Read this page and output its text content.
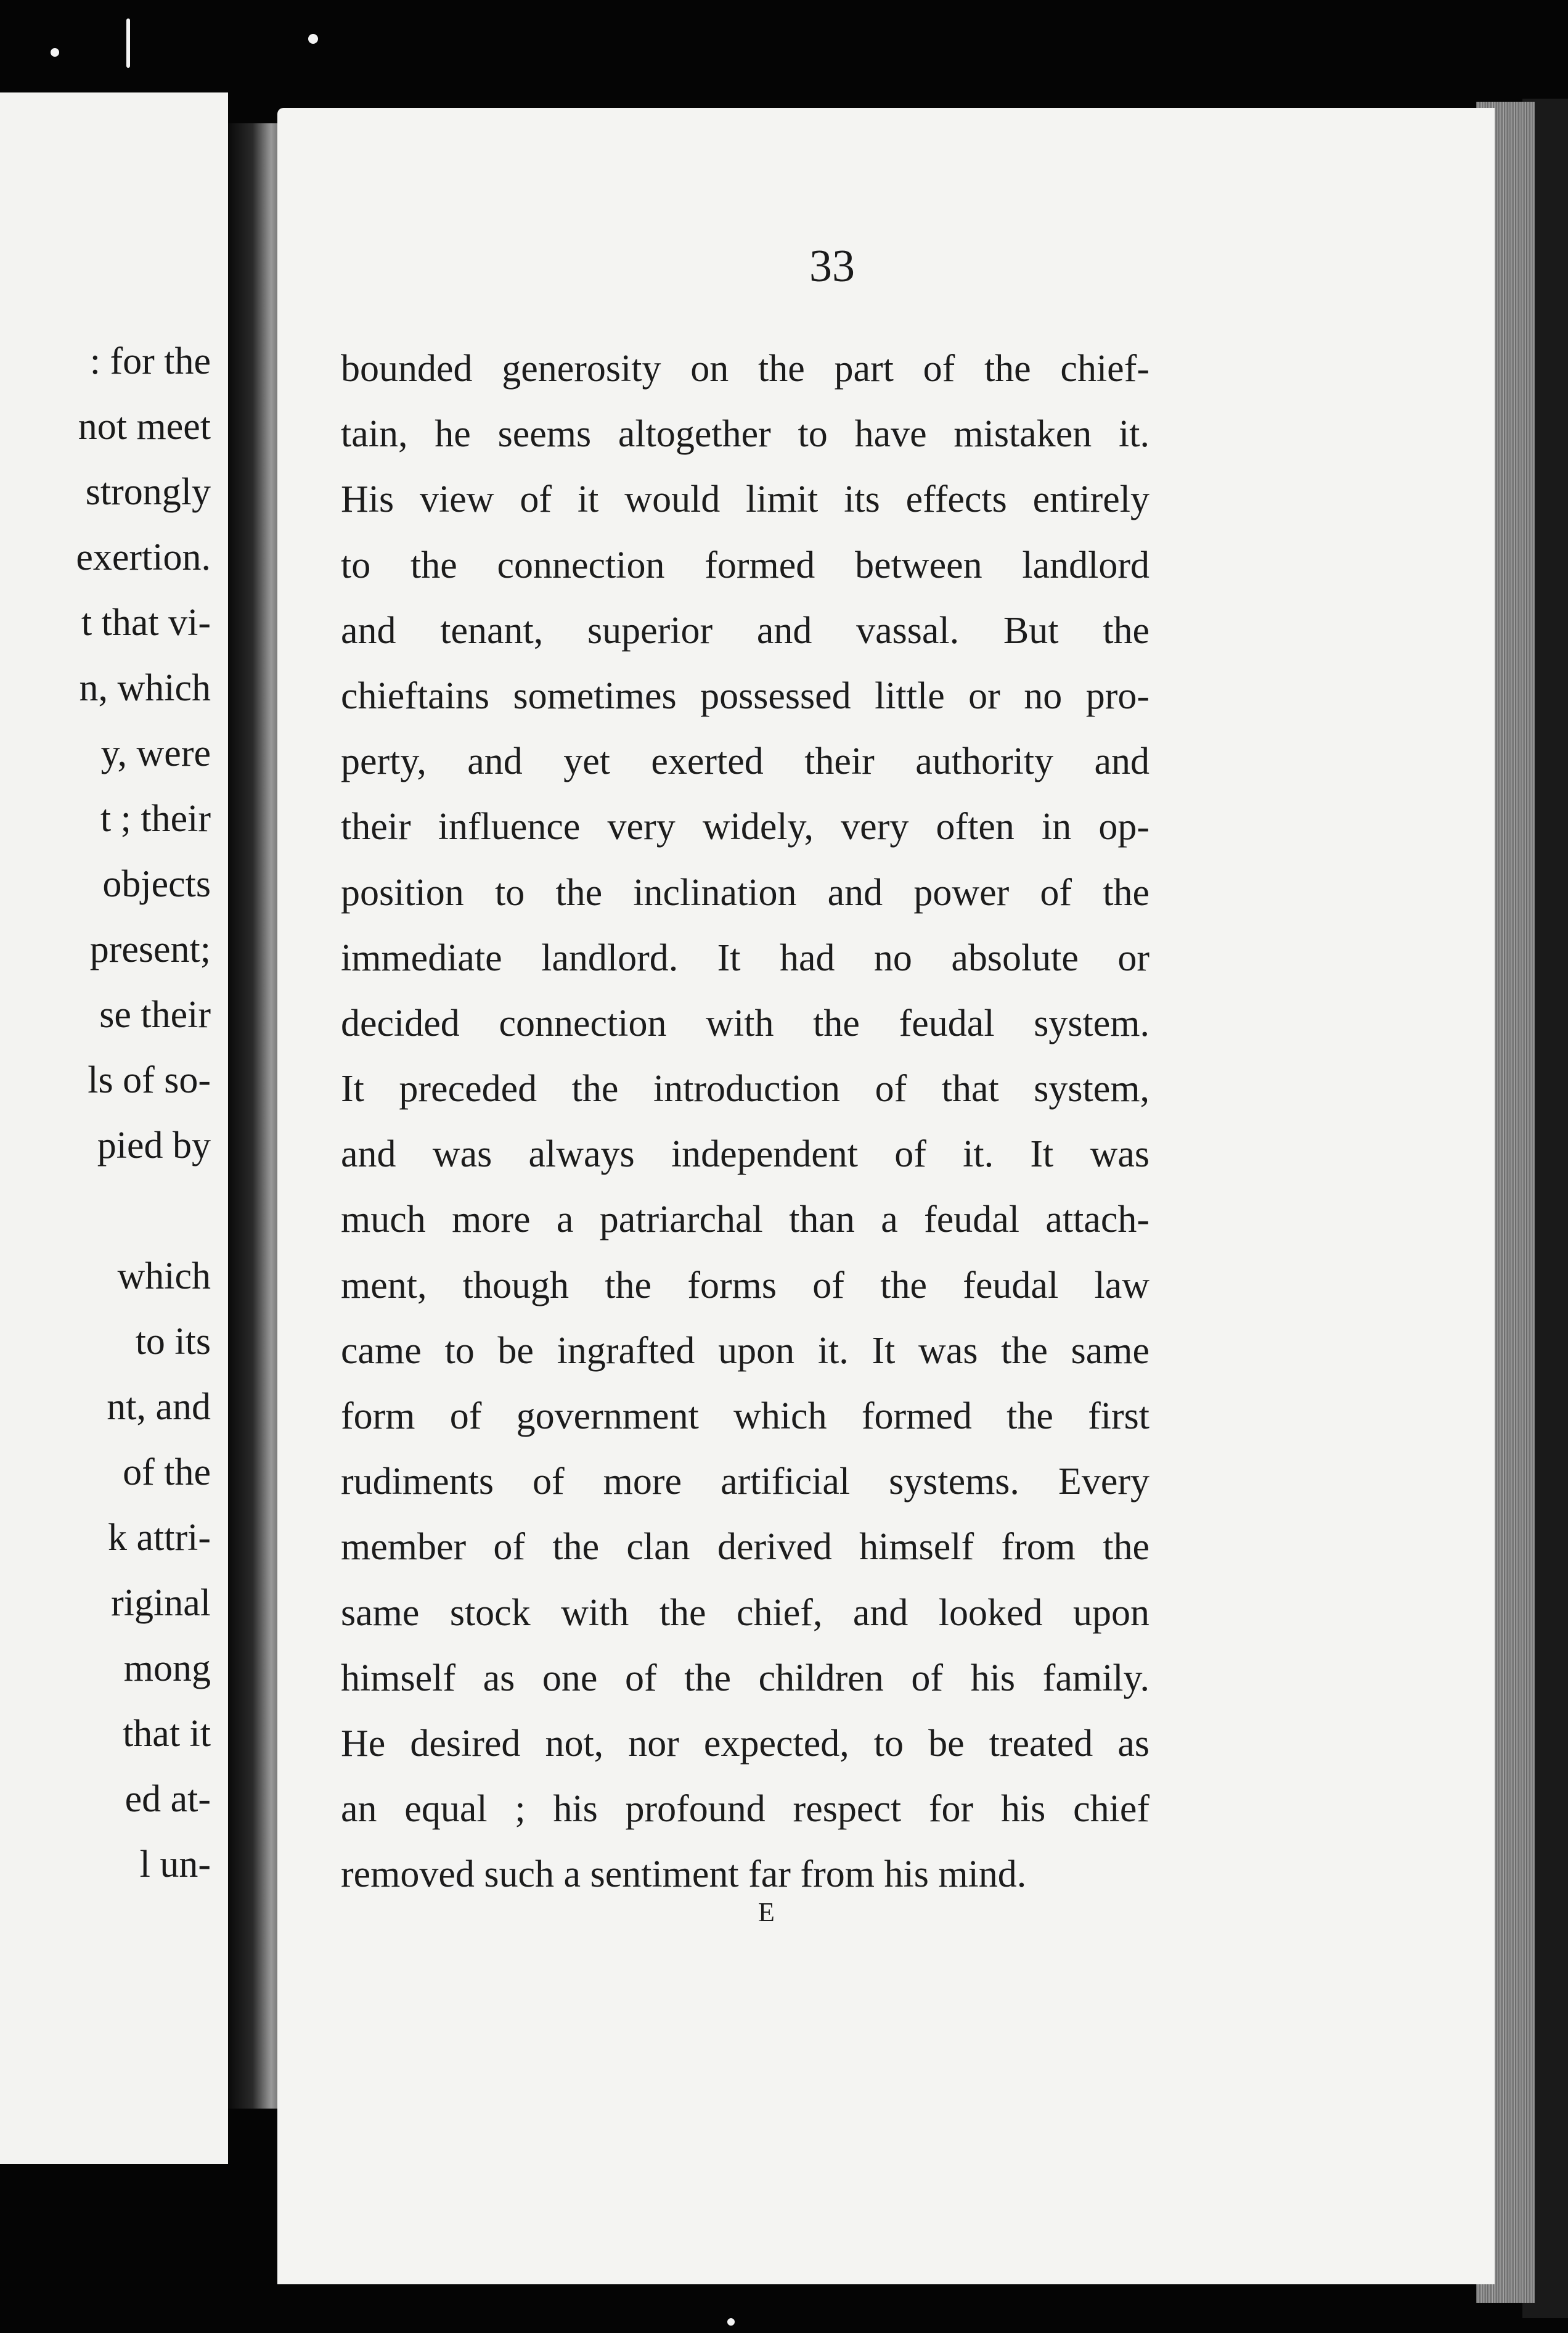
: for the
not meet
strongly
exertion.
t that vi-
n, which
y, were
t ; their
objects
present;
se their
ls of so-
pied by
which
to its
nt, and
of the
k attri-
riginal
mong
that it
ed at-
l un-
33
bounded generosity on the part of the chief-
tain, he seems altogether to have mistaken it.
His view of it would limit its effects entirely
to the connection formed between landlord
and tenant, superior and vassal. But the
chieftains sometimes possessed little or no pro-
perty, and yet exerted their authority and
their influence very widely, very often in op-
position to the inclination and power of the
immediate landlord. It had no absolute or
decided connection with the feudal system.
It preceded the introduction of that system,
and was always independent of it. It was
much more a patriarchal than a feudal attach-
ment, though the forms of the feudal law
came to be ingrafted upon it. It was the same
form of government which formed the first
rudiments of more artificial systems. Every
member of the clan derived himself from the
same stock with the chief, and looked upon
himself as one of the children of his family.
He desired not, nor expected, to be treated as
an equal ; his profound respect for his chief
removed such a sentiment far from his mind.
E
